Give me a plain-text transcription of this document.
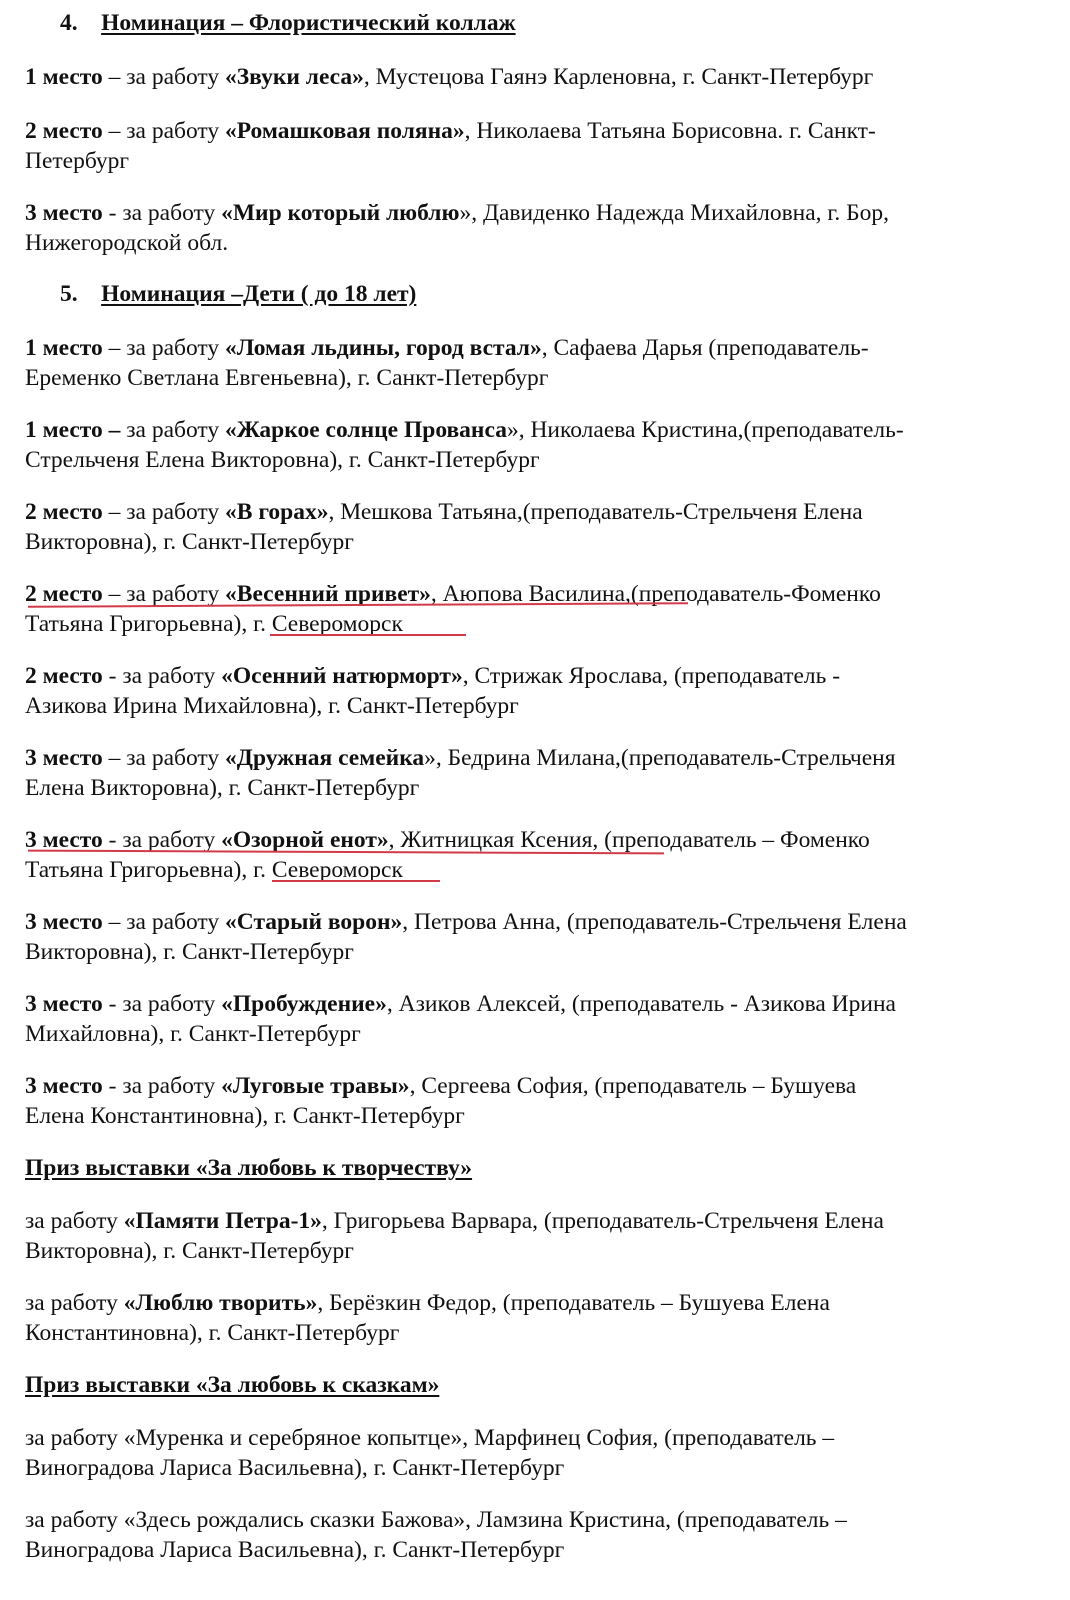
4. Номинация – Флористический коллаж
1 место – за работу «Звуки леса», Мустецова Гаянэ Карленовна, г. Санкт-Петербург
2 место – за работу «Ромашковая поляна», Николаева Татьяна Борисовна. г. Санкт-
Петербург
3 место - за работу «Мир который люблю», Давиденко Надежда Михайловна, г. Бор,
Нижегородской обл.
5. Номинация –Дети ( до 18 лет)
1 место – за работу «Ломая льдины, город встал», Сафаева Дарья (преподаватель-
Еременко Светлана Евгеньевна), г. Санкт-Петербург
1 место – за работу «Жаркое солнце Прованса», Николаева Кристина,(преподаватель-
Стрельченя Елена Викторовна), г. Санкт-Петербург
2 место – за работу «В горах», Мешкова Татьяна,(преподаватель-Стрельченя Елена
Викторовна), г. Санкт-Петербург
2 место – за работу «Весенний привет», Аюпова Василина,(преподаватель-Фоменко
Татьяна Григорьевна), г. Североморск
2 место - за работу «Осенний натюрморт», Стрижак Ярослава, (преподаватель -
Азикова Ирина Михайловна), г. Санкт-Петербург
3 место – за работу «Дружная семейка», Бедрина Милана,(преподаватель-Стрельченя
Елена Викторовна), г. Санкт-Петербург
3 место - за работу «Озорной енот», Житницкая Ксения, (преподаватель – Фоменко
Татьяна Григорьевна), г. Североморск
3 место – за работу «Старый ворон», Петрова Анна, (преподаватель-Стрельченя Елена
Викторовна), г. Санкт-Петербург
3 место - за работу «Пробуждение», Азиков Алексей, (преподаватель - Азикова Ирина
Михайловна), г. Санкт-Петербург
3 место - за работу «Луговые травы», Сергеева София, (преподаватель – Бушуева
Елена Константиновна), г. Санкт-Петербург
Приз выставки «За любовь к творчеству»
за работу «Памяти Петра-1», Григорьева Варвара, (преподаватель-Стрельченя Елена
Викторовна), г. Санкт-Петербург
за работу «Люблю творить», Берёзкин Федор, (преподаватель – Бушуева Елена
Константиновна), г. Санкт-Петербург
Приз выставки «За любовь к сказкам»
за работу «Муренка и серебряное копытце», Марфинец София, (преподаватель –
Виноградова Лариса Васильевна), г. Санкт-Петербург
за работу «Здесь рождались сказки Бажова», Ламзина Кристина, (преподаватель –
Виноградова Лариса Васильевна), г. Санкт-Петербург
